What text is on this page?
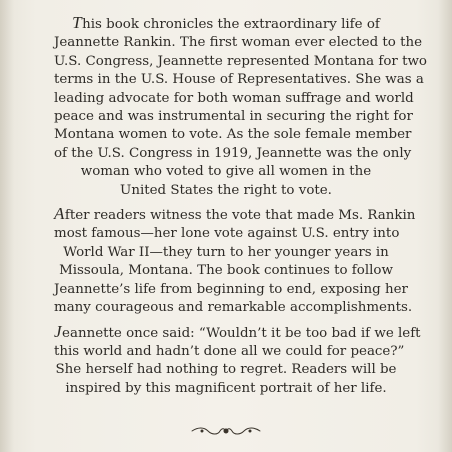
This book chronicles the extraordinary life of
Jeannette Rankin. The first woman ever elected to the
U.S. Congress, Jeannette represented Montana for two
terms in the U.S. House of Representatives. She was a
leading advocate for both woman suffrage and world
peace and was instrumental in securing the right for
Montana women to vote. As the sole female member
of the U.S. Congress in 1919, Jeannette was the only
woman who voted to give all women in the
United States the right to vote.
After readers witness the vote that made Ms. Rankin
most famous—her lone vote against U.S. entry into
World War II—they turn to her younger years in
Missoula, Montana. The book continues to follow
Jeannette’s life from beginning to end, exposing her
many courageous and remarkable accomplishments.
Jeannette once said: “Wouldn’t it be too bad if we left
this world and hadn’t done all we could for peace?”
She herself had nothing to regret. Readers will be
inspired by this magnificent portrait of her life.
